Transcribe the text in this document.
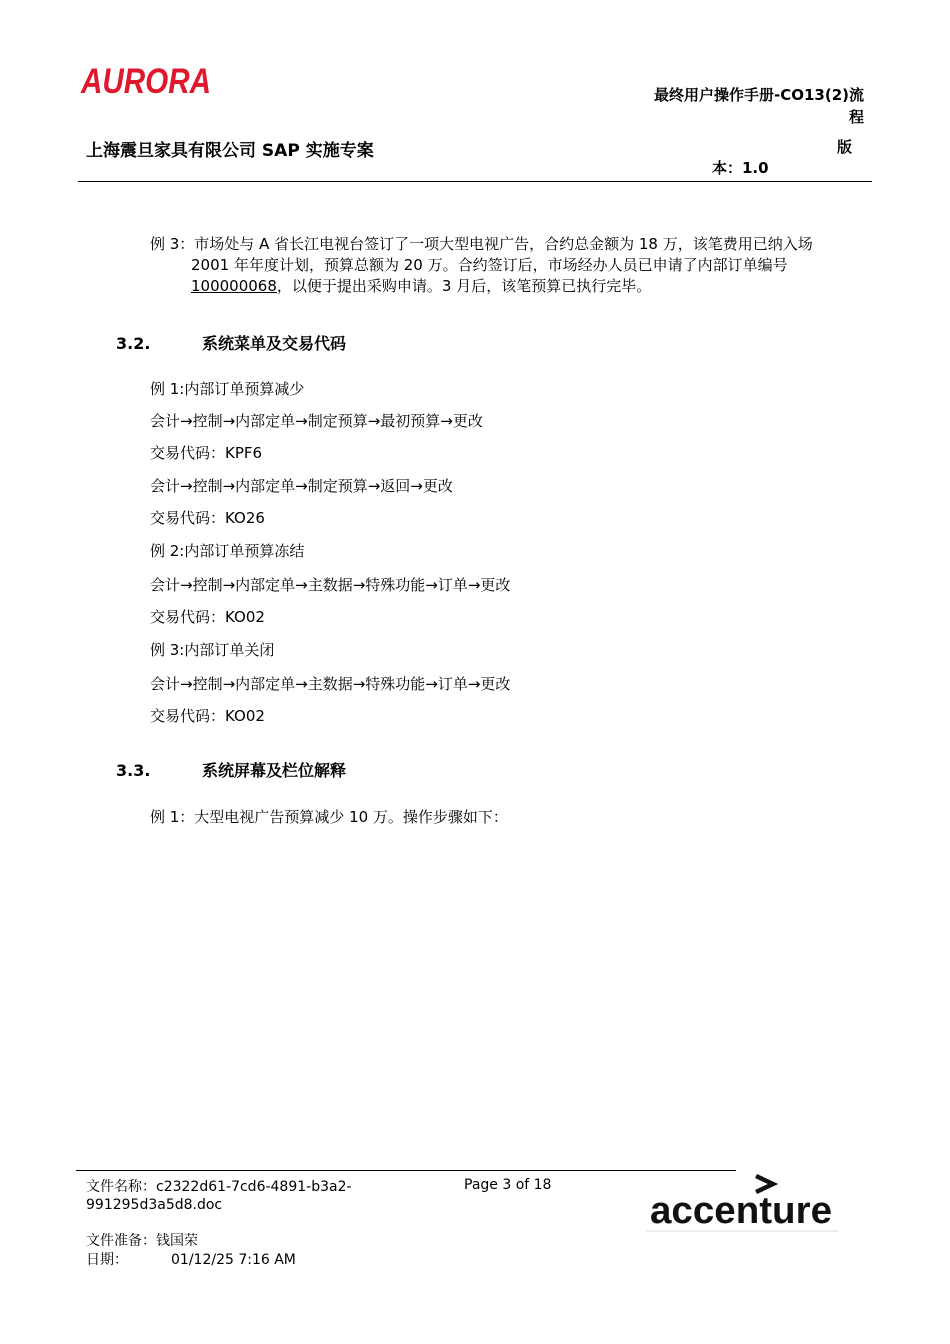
AURORA	最终用户操作手册-CO13(2)流
程
上海震旦家具有限公司 SAP 实施专案	版
本：1.0
例 3：市场处与 A 省长江电视台签订了一项大型电视广告，合约总金额为 18 万，该笔费用已纳入场
2001 年年度计划，预算总额为 20 万。合约签订后，市场经办人员已申请了内部订单编号
100000068，以便于提出采购申请。3 月后，该笔预算已执行完毕。
3.2.	系统菜单及交易代码
例 1:内部订单预算减少
会计→控制→内部定单→制定预算→最初预算→更改
交易代码：KPF6
会计→控制→内部定单→制定预算→返回→更改
交易代码：KO26
例 2:内部订单预算冻结
会计→控制→内部定单→主数据→特殊功能→订单→更改
交易代码：KO02
例 3:内部订单关闭
会计→控制→内部定单→主数据→特殊功能→订单→更改
交易代码：KO02
3.3.	系统屏幕及栏位解释
例 1：大型电视广告预算减少 10 万。操作步骤如下：
文件名称：c2322d61-7cd6-4891-b3a2-991295d3a5d8.doc
Page 3 of 18
文件准备：钱国荣
日期：	01/12/25 7:16 AM
accenture
